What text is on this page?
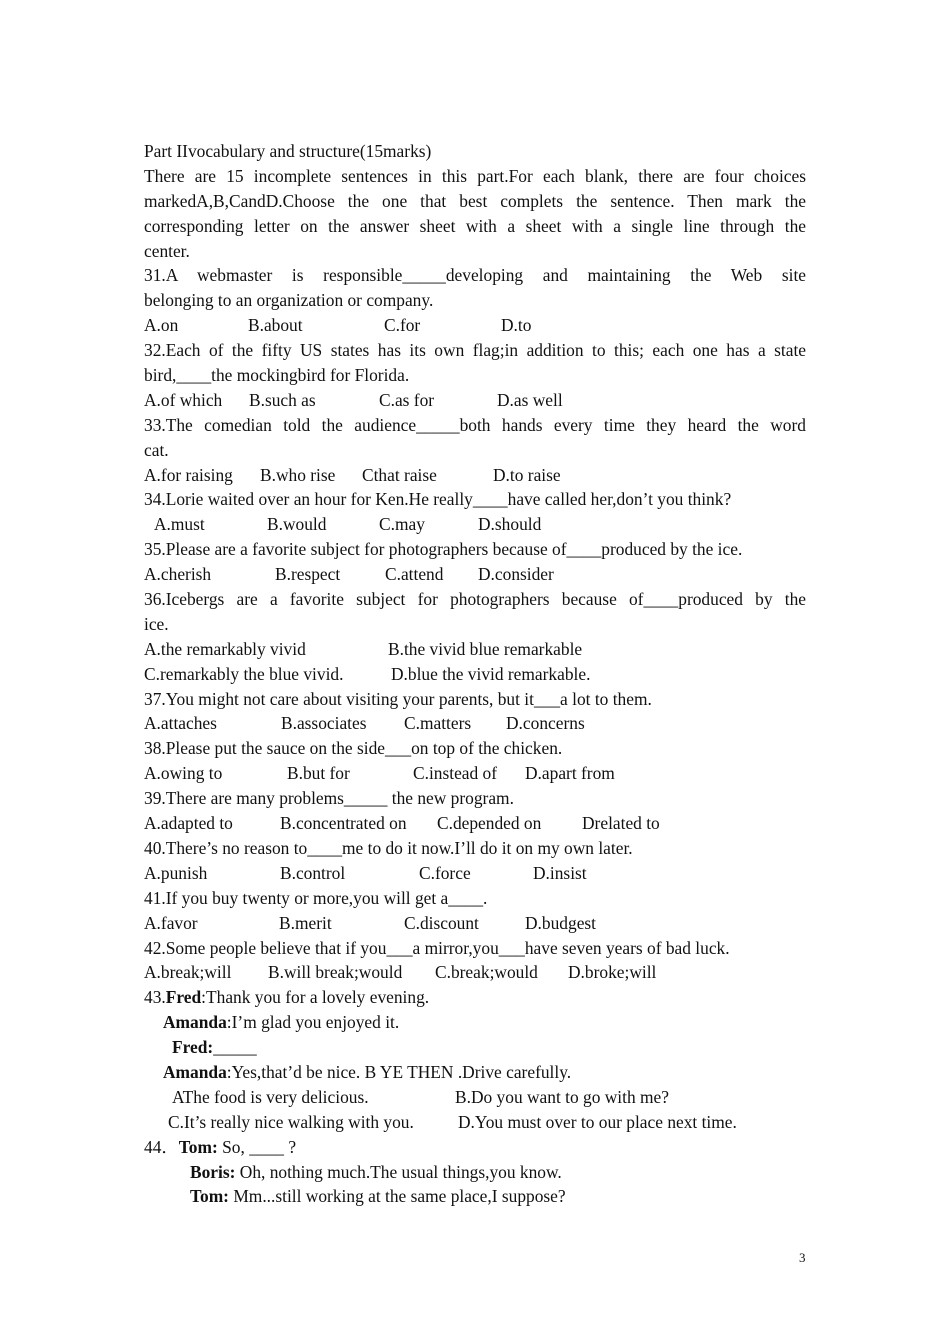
Part IIvocabulary and structure(15marks)
There are 15 incomplete sentences in this part.For each blank, there are four choices
markedA,B,CandD.Choose the one that best complets the sentence. Then mark the
corresponding letter on the answer sheet with a sheet with a single line through the
center.
31.A webmaster is responsible_____developing and maintaining the Web site
belonging to an organization or company.
A.on	B.about	C.for	D.to
32.Each of the fifty US states has its own flag;in addition to this; each one has a state
bird,____the mockingbird for Florida.
A.of which	B.such as	C.as for	D.as well
33.The comedian told the audience_____both hands every time they heard the word
cat.
A.for raising	B.who rise	Cthat raise	D.to raise
34.Lorie waited over an hour for Ken.He really____have called her,don’t you think?
A.must	B.would	C.may	D.should
35.Please are a favorite subject for photographers because of____produced by the ice.
A.cherish	B.respect	C.attend	D.consider
36.Icebergs are a favorite subject for photographers because of____produced by the
ice.
A.the remarkably vivid	B.the vivid blue remarkable
C.remarkably the blue vivid.	D.blue the vivid remarkable.
37.You might not care about visiting your parents, but it___a lot to them.
A.attaches	B.associates	C.matters	D.concerns
38.Please put the sauce on the side___on top of the chicken.
A.owing to	B.but for	C.instead of	D.apart from
39.There are many problems_____ the new program.
A.adapted to	B.concentrated on	C.depended on	Drelated to
40.There’s no reason to____me to do it now.I’ll do it on my own later.
A.punish	B.control	C.force	D.insist
41.If you buy twenty or more,you will get a____.
A.favor	B.merit	C.discount	D.budgest
42.Some people believe that if you___a mirror,you___have seven years of bad luck.
A.break;will	B.will break;would	C.break;would	D.broke;will
43.Fred:Thank you for a lovely evening.
Amanda:I’m glad you enjoyed it.
Fred:_____
Amanda:Yes,that’d be nice. B YE THEN .Drive carefully.
AThe food is very delicious.	B.Do you want to go with me?
C.It’s really nice walking with you.	D.You must over to our place next time.
44．Tom: So, ____ ?
Boris: Oh, nothing much.The usual things,you know.
Tom: Mm...still working at the same place,I suppose?
3
